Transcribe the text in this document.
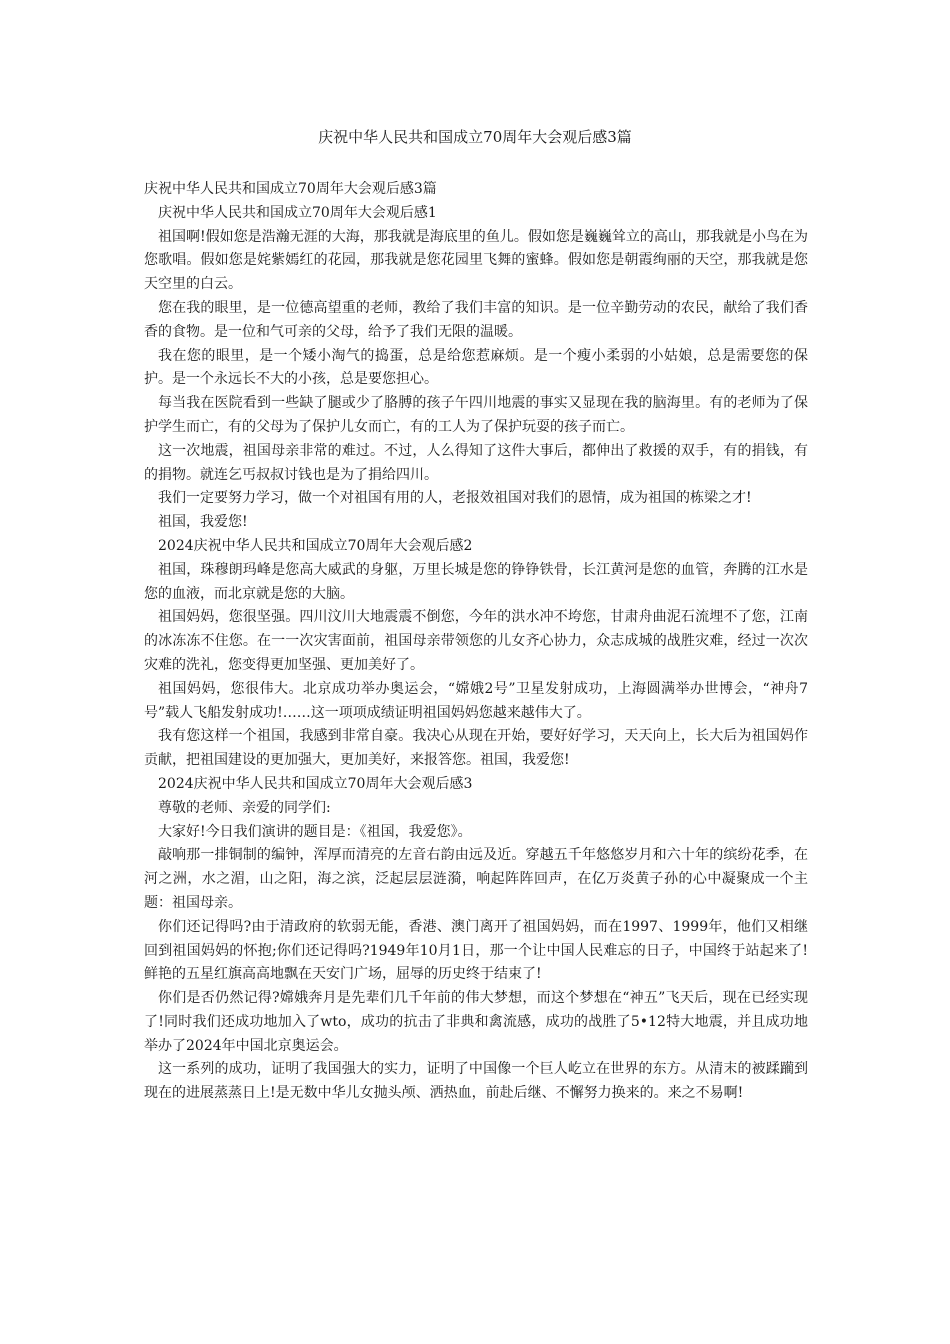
庆祝中华人民共和国成立70周年大会观后感3篇

庆祝中华人民共和国成立70周年大会观后感3篇

庆祝中华人民共和国成立70周年大会观后感1

祖国啊!假如您是浩瀚无涯的大海，那我就是海底里的鱼儿。假如您是巍巍耸立的高山，那我就是小鸟在为您歌唱。假如您是姹紫嫣红的花园，那我就是您花园里飞舞的蜜蜂。假如您是朝霞绚丽的天空，那我就是您天空里的白云。

您在我的眼里，是一位德高望重的老师，教给了我们丰富的知识。是一位辛勤劳动的农民，献给了我们香香的食物。是一位和气可亲的父母，给予了我们无限的温暖。

我在您的眼里，是一个矮小淘气的捣蛋，总是给您惹麻烦。是一个瘦小柔弱的小姑娘，总是需要您的保护。是一个永远长不大的小孩，总是要您担心。

每当我在医院看到一些缺了腿或少了胳膊的孩子午四川地震的事实又显现在我的脑海里。有的老师为了保护学生而亡，有的父母为了保护儿女而亡，有的工人为了保护玩耍的孩子而亡。

这一次地震，祖国母亲非常的难过。不过，人么得知了这件大事后，都伸出了救援的双手，有的捐钱，有的捐物。就连乞丐叔叔讨钱也是为了捐给四川。

我们一定要努力学习，做一个对祖国有用的人，老报效祖国对我们的恩情，成为祖国的栋梁之才!

祖国，我爱您!

2024庆祝中华人民共和国成立70周年大会观后感2

祖国，珠穆朗玛峰是您高大威武的身躯，万里长城是您的铮铮铁骨，长江黄河是您的血管，奔腾的江水是您的血液，而北京就是您的大脑。

祖国妈妈，您很坚强。四川汶川大地震震不倒您，今年的洪水冲不垮您，甘肃舟曲泥石流埋不了您，江南的冰冻冻不住您。在一一次灾害面前，祖国母亲带领您的儿女齐心协力，众志成城的战胜灾难，经过一次次灾难的洗礼，您变得更加坚强、更加美好了。

祖国妈妈，您很伟大。北京成功举办奥运会，“嫦娥2号”卫星发射成功，上海圆满举办世博会，“神舟7号”载人飞船发射成功!……这一项项成绩证明祖国妈妈您越来越伟大了。

我有您这样一个祖国，我感到非常自豪。我决心从现在开始，要好好学习，天天向上，长大后为祖国妈作贡献，把祖国建设的更加强大，更加美好，来报答您。祖国，我爱您!

2024庆祝中华人民共和国成立70周年大会观后感3

尊敬的老师、亲爱的同学们:

大家好!今日我们演讲的题目是：《祖国，我爱您》。

敲响那一排铜制的编钟，浑厚而清亮的左音右韵由远及近。穿越五千年悠悠岁月和六十年的缤纷花季，在河之洲，水之湄，山之阳，海之滨，泛起层层涟漪，响起阵阵回声，在亿万炎黄子孙的心中凝聚成一个主题：祖国母亲。

你们还记得吗?由于清政府的软弱无能，香港、澳门离开了祖国妈妈，而在1997、1999年，他们又相继回到祖国妈妈的怀抱;你们还记得吗?1949年10月1日，那一个让中国人民难忘的日子，中国终于站起来了!鲜艳的五星红旗高高地飘在天安门广场，屈辱的历史终于结束了!

你们是否仍然记得?嫦娥奔月是先辈们几千年前的伟大梦想，而这个梦想在“神五”飞天后，现在已经实现了!同时我们还成功地加入了wto，成功的抗击了非典和禽流感，成功的战胜了5•12特大地震，并且成功地举办了2024年中国北京奥运会。

这一系列的成功，证明了我国强大的实力，证明了中国像一个巨人屹立在世界的东方。从清末的被蹂躏到现在的进展蒸蒸日上!是无数中华儿女抛头颅、洒热血，前赴后继、不懈努力换来的。来之不易啊!
